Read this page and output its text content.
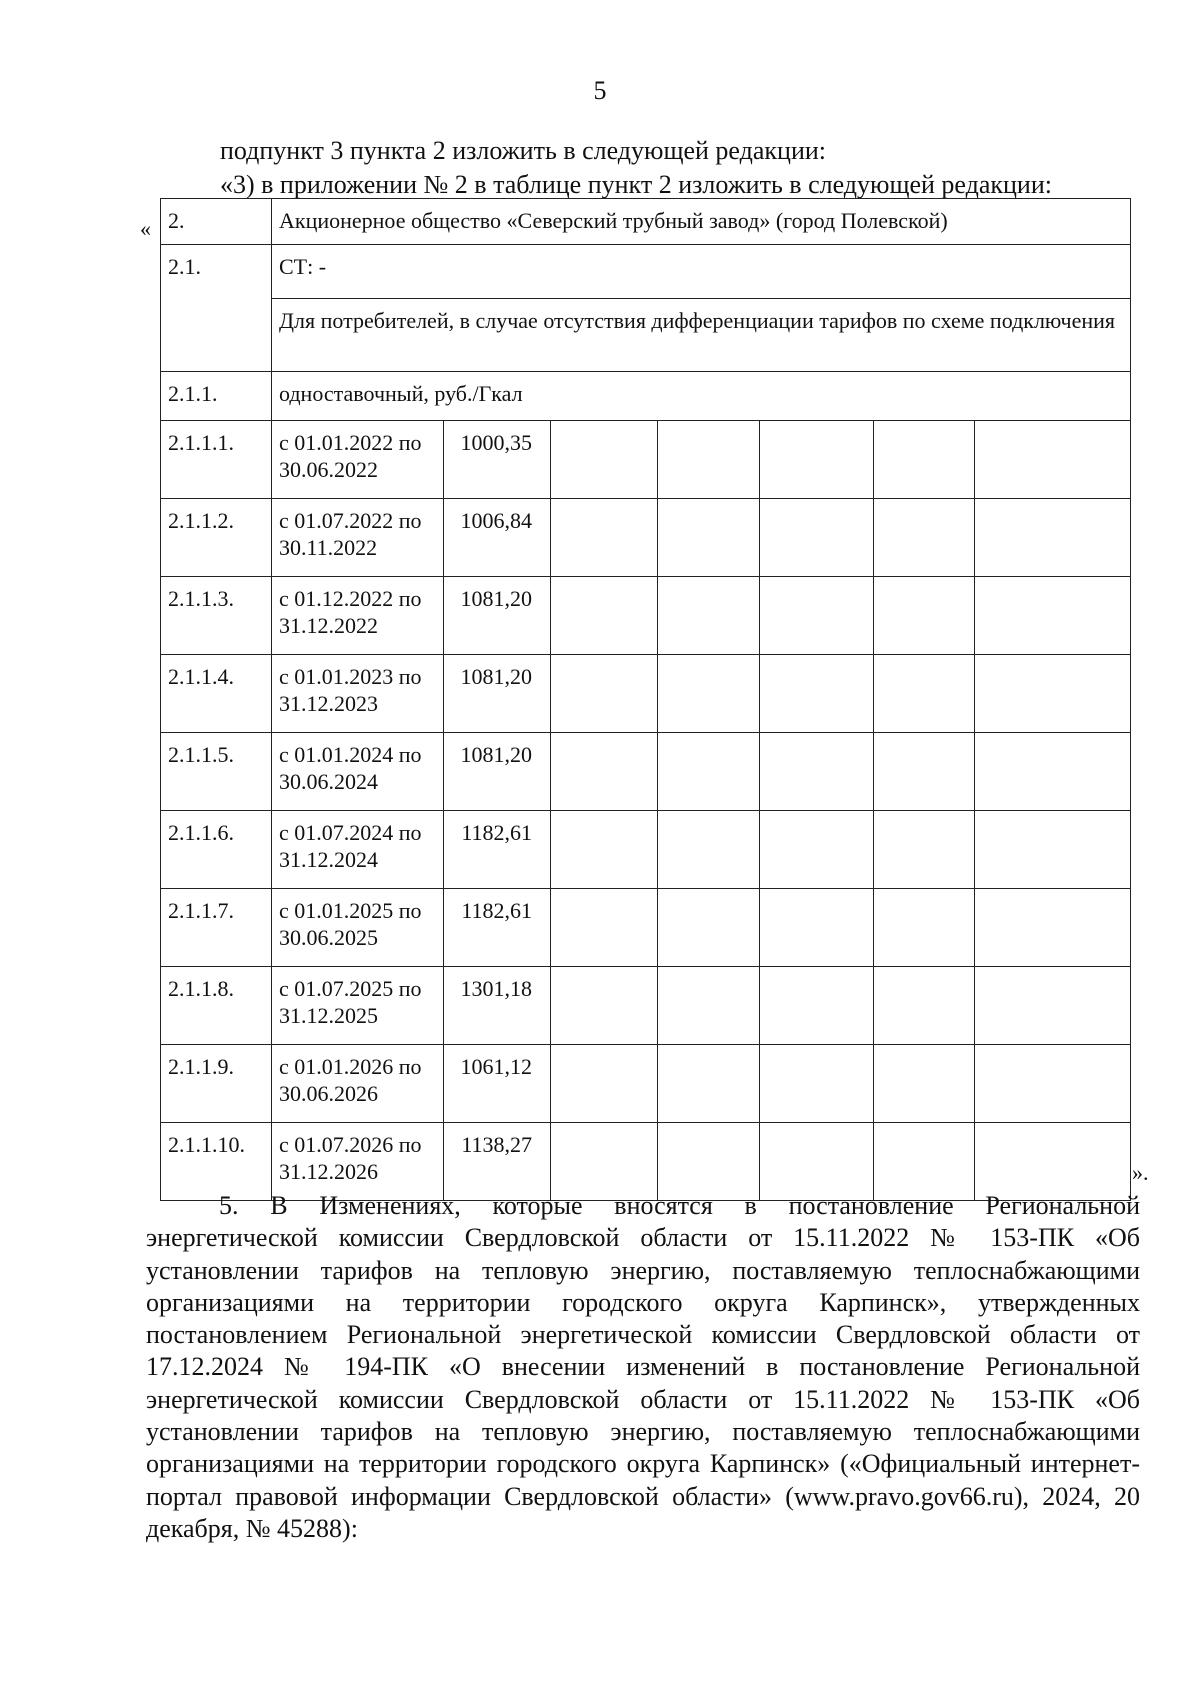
5
подпункт 3 пункта 2 изложить в следующей редакции:
«3) в приложении № 2 в таблице пункт 2 изложить в следующей редакции:
« 2.	Акционерное общество «Северский трубный завод» (город Полевской)						
2.1.	СТ: -						
	Для потребителей, в случае отсутствия дифференциации тарифов по схеме подключения						
2.1.1.	одноставочный, руб./Гкал						
2.1.1.1.	с 01.01.2022 по 30.06.2022	1000,35					
2.1.1.2.	с 01.07.2022 по 30.11.2022	1006,84					
2.1.1.3.	с 01.12.2022 по 31.12.2022	1081,20					
2.1.1.4.	с 01.01.2023 по 31.12.2023	1081,20					
2.1.1.5.	с 01.01.2024 по 30.06.2024	1081,20					
2.1.1.6.	с 01.07.2024 по 31.12.2024	1182,61					
2.1.1.7.	с 01.01.2025 по 30.06.2025	1182,61					
2.1.1.8.	с 01.07.2025 по 31.12.2025	1301,18					
2.1.1.9.	с 01.01.2026 по 30.06.2026	1061,12					
2.1.1.10.	с 01.07.2026 по 31.12.2026	1138,27					
».

5. В Изменениях, которые вносятся в постановление Региональной энергетической комиссии Свердловской области от 15.11.2022 № 153-ПК «Об установлении тарифов на тепловую энергию, поставляемую теплоснабжающими организациями на территории городского округа Карпинск», утвержденных постановлением Региональной энергетической комиссии Свердловской области от 17.12.2024 № 194-ПК «О внесении изменений в постановление Региональной энергетической комиссии Свердловской области от 15.11.2022 № 153-ПК «Об установлении тарифов на тепловую энергию, поставляемую теплоснабжающими организациями на территории городского округа Карпинск» («Официальный интернет-портал правовой информации Свердловской области» (www.pravo.gov66.ru), 2024, 20 декабря, № 45288):
